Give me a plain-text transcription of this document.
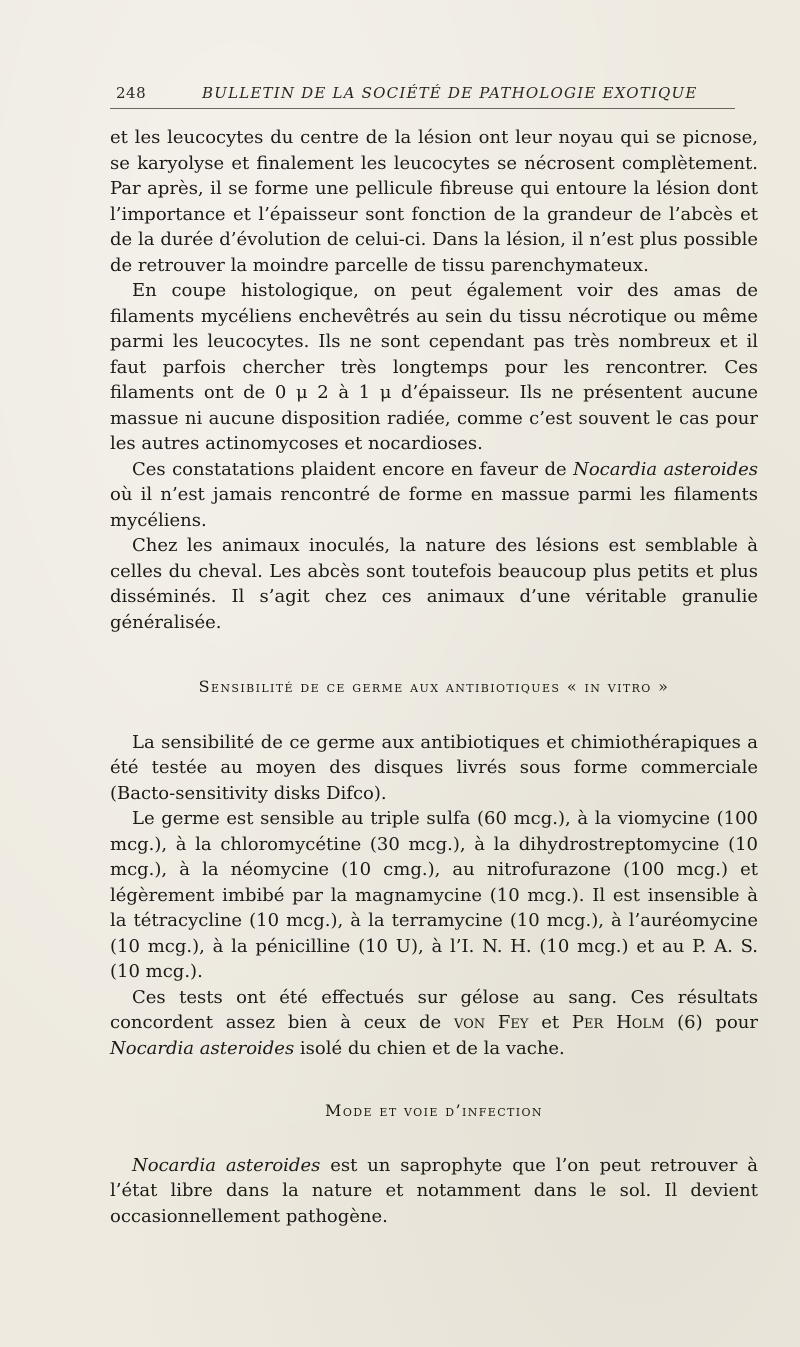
248	BULLETIN DE LA SOCIÉTÉ DE PATHOLOGIE EXOTIQUE

et les leucocytes du centre de la lésion ont leur noyau qui se picnose, se karyolyse et finalement les leucocytes se nécrosent complètement. Par après, il se forme une pellicule fibreuse qui entoure la lésion dont l’importance et l’épaisseur sont fonction de la grandeur de l’abcès et de la durée d’évolution de celui-ci. Dans la lésion, il n’est plus possible de retrouver la moindre parcelle de tissu parenchymateux.

En coupe histologique, on peut également voir des amas de filaments mycéliens enchevêtrés au sein du tissu nécrotique ou même parmi les leucocytes. Ils ne sont cependant pas très nombreux et il faut parfois chercher très longtemps pour les rencontrer. Ces filaments ont de 0 μ 2 à 1 μ d’épaisseur. Ils ne présentent aucune massue ni aucune disposition radiée, comme c’est souvent le cas pour les autres actinomycoses et nocardioses.

Ces constatations plaident encore en faveur de Nocardia asteroides où il n’est jamais rencontré de forme en massue parmi les filaments mycéliens.

Chez les animaux inoculés, la nature des lésions est semblable à celles du cheval. Les abcès sont toutefois beaucoup plus petits et plus disséminés. Il s’agit chez ces animaux d’une véritable granulie généralisée.

Sensibilité de ce germe aux antibiotiques « in vitro »

La sensibilité de ce germe aux antibiotiques et chimiothérapiques a été testée au moyen des disques livrés sous forme commerciale (Bacto-sensitivity disks Difco).

Le germe est sensible au triple sulfa (60 mcg.), à la viomycine (100 mcg.), à la chloromycétine (30 mcg.), à la dihydrostreptomycine (10 mcg.), à la néomycine (10 cmg.), au nitrofurazone (100 mcg.) et légèrement imbibé par la magnamycine (10 mcg.). Il est insensible à la tétracycline (10 mcg.), à la terramycine (10 mcg.), à l’auréomycine (10 mcg.), à la pénicilline (10 U), à l’I. N. H. (10 mcg.) et au P. A. S. (10 mcg.).

Ces tests ont été effectués sur gélose au sang. Ces résultats concordent assez bien à ceux de von Fey et Per Holm (6) pour Nocardia asteroides isolé du chien et de la vache.

Mode et voie d’infection

Nocardia asteroides est un saprophyte que l’on peut retrouver à l’état libre dans la nature et notamment dans le sol. Il devient occasionnellement pathogène.
